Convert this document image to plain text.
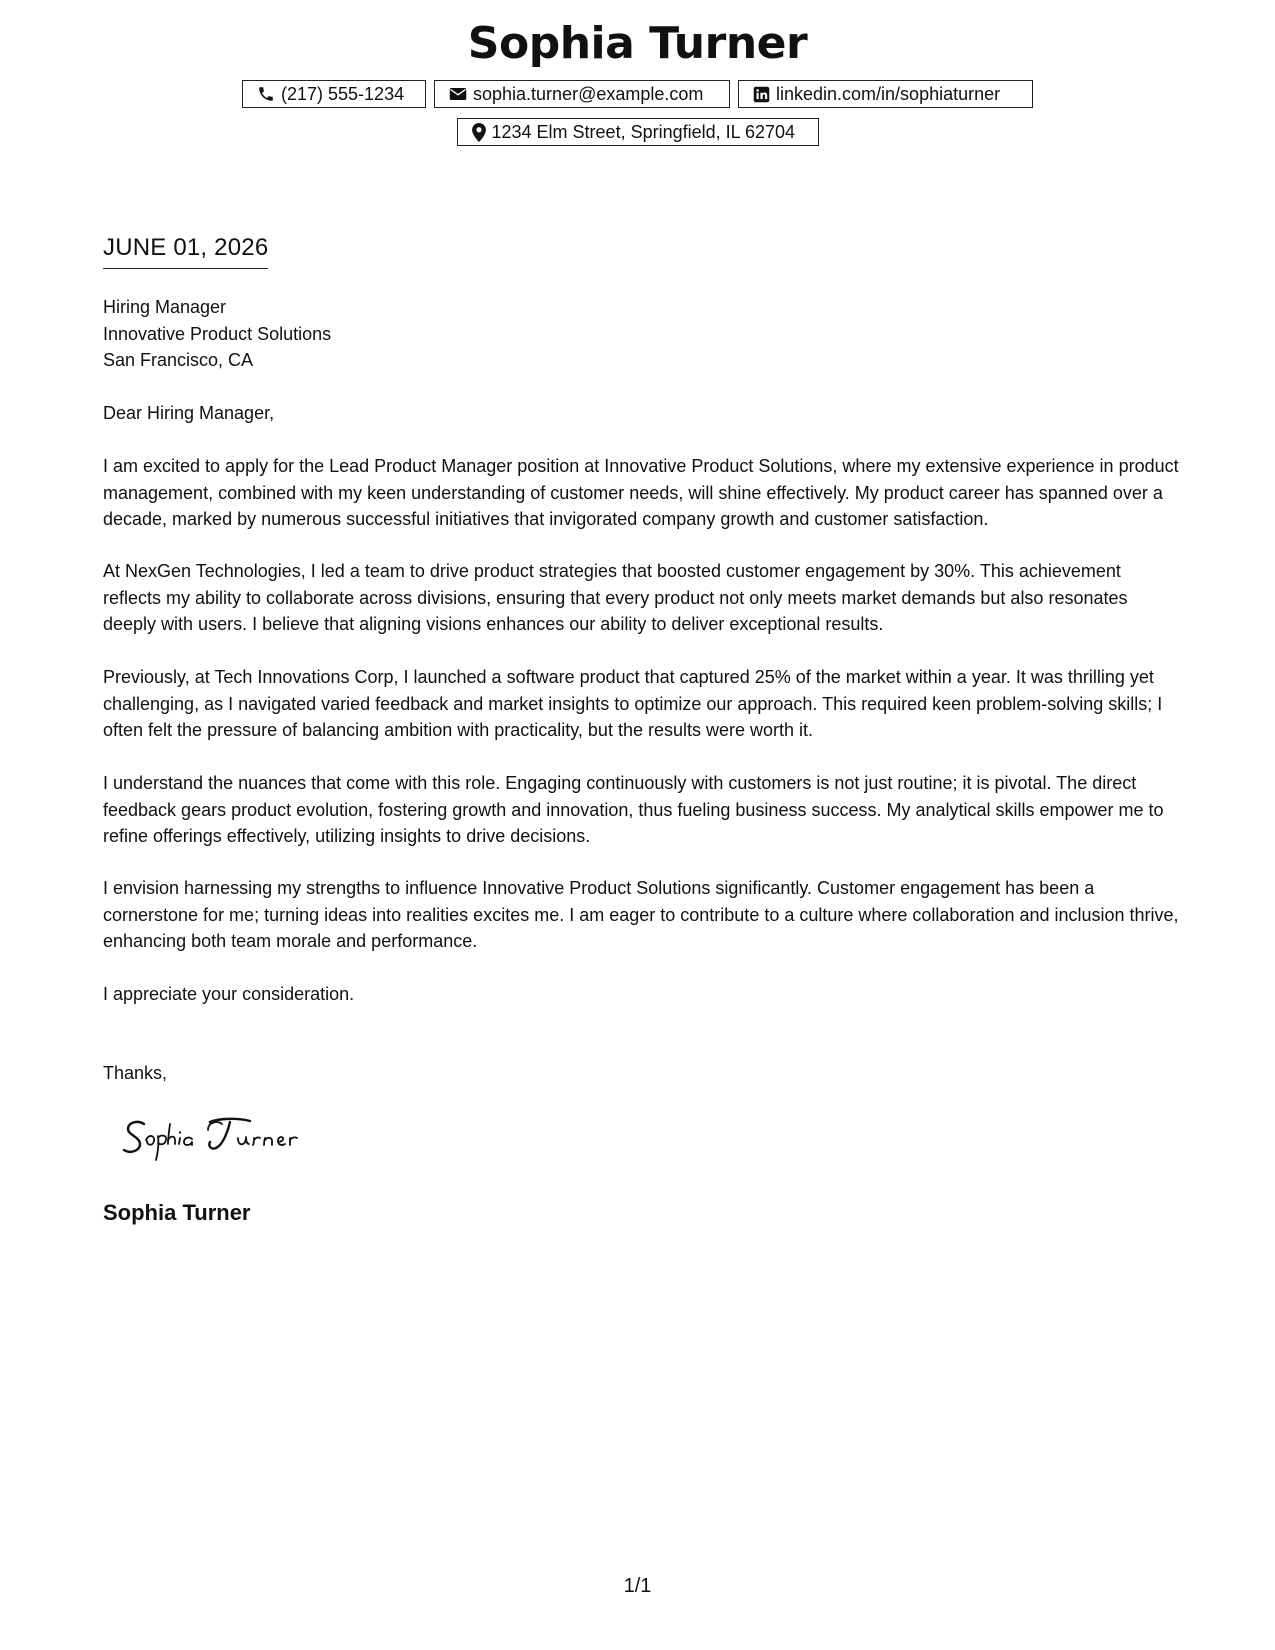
Sophia Turner
(217) 555-1234	sophia.turner@example.com	linkedin.com/in/sophiaturner
1234 Elm Street, Springfield, IL 62704
JUNE 01, 2026
Hiring Manager
Innovative Product Solutions
San Francisco, CA
Dear Hiring Manager,

I am excited to apply for the Lead Product Manager position at Innovative Product Solutions, where my extensive experience in product management, combined with my keen understanding of customer needs, will shine effectively. My product career has spanned over a decade, marked by numerous successful initiatives that invigorated company growth and customer satisfaction.

At NexGen Technologies, I led a team to drive product strategies that boosted customer engagement by 30%. This achievement reflects my ability to collaborate across divisions, ensuring that every product not only meets market demands but also resonates deeply with users. I believe that aligning visions enhances our ability to deliver exceptional results.

Previously, at Tech Innovations Corp, I launched a software product that captured 25% of the market within a year. It was thrilling yet challenging, as I navigated varied feedback and market insights to optimize our approach. This required keen problem-solving skills; I often felt the pressure of balancing ambition with practicality, but the results were worth it.

I understand the nuances that come with this role. Engaging continuously with customers is not just routine; it is pivotal. The direct feedback gears product evolution, fostering growth and innovation, thus fueling business success. My analytical skills empower me to refine offerings effectively, utilizing insights to drive decisions.

I envision harnessing my strengths to influence Innovative Product Solutions significantly. Customer engagement has been a cornerstone for me; turning ideas into realities excites me. I am eager to contribute to a culture where collaboration and inclusion thrive, enhancing both team morale and performance.

I appreciate your consideration.
Thanks,
Sophia Turner
1/1
